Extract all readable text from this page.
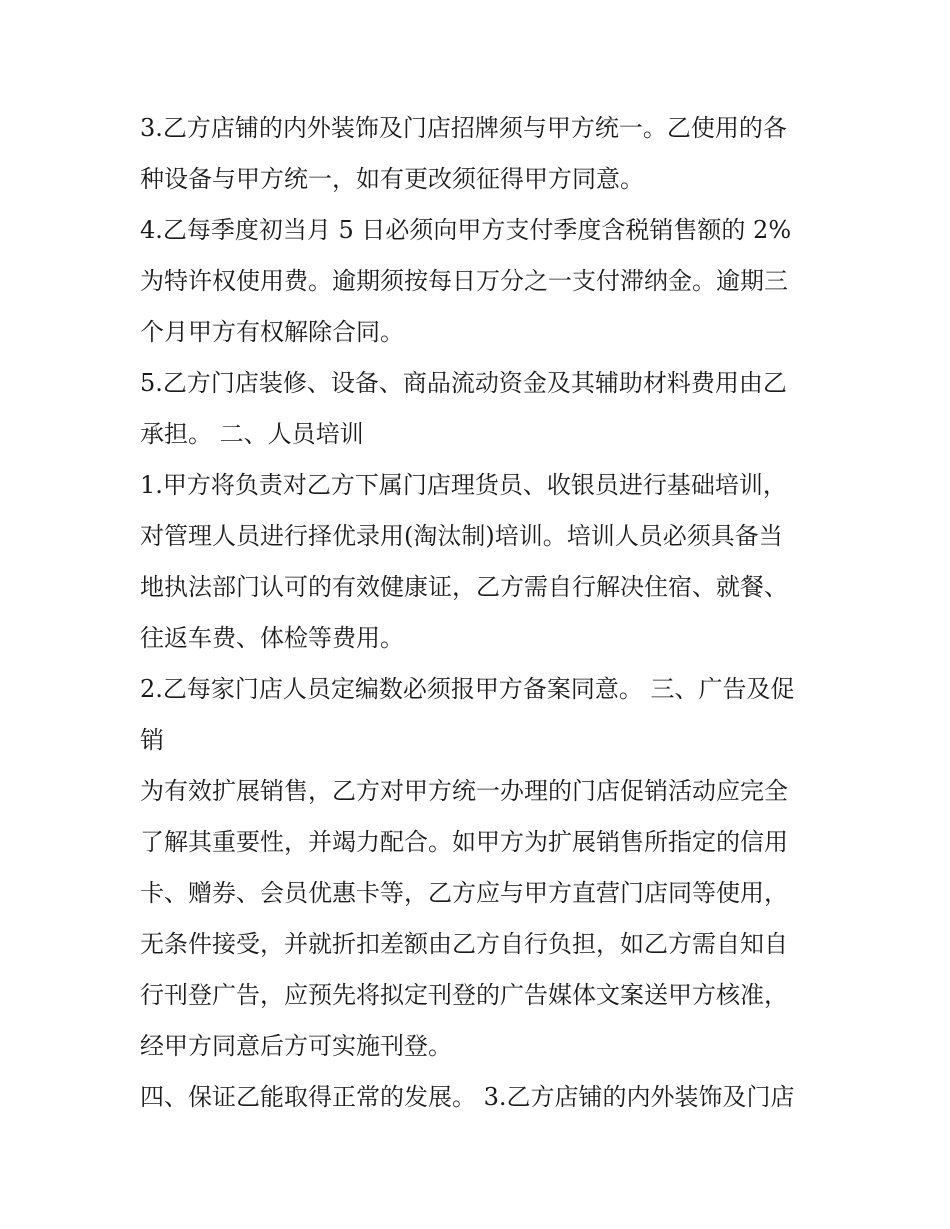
3.乙方店铺的内外装饰及门店招牌须与甲方统一。乙使用的各
种设备与甲方统一，如有更改须征得甲方同意。
4.乙每季度初当月 5 日必须向甲方支付季度含税销售额的 2%
为特许权使用费。逾期须按每日万分之一支付滞纳金。逾期三
个月甲方有权解除合同。
5.乙方门店装修、设备、商品流动资金及其辅助材料费用由乙
承担。 二、人员培训
1.甲方将负责对乙方下属门店理货员、收银员进行基础培训，
对管理人员进行择优录用(淘汰制)培训。培训人员必须具备当
地执法部门认可的有效健康证，乙方需自行解决住宿、就餐、
往返车费、体检等费用。
2.乙每家门店人员定编数必须报甲方备案同意。 三、广告及促
销
为有效扩展销售，乙方对甲方统一办理的门店促销活动应完全
了解其重要性，并竭力配合。如甲方为扩展销售所指定的信用
卡、赠券、会员优惠卡等，乙方应与甲方直营门店同等使用，
无条件接受，并就折扣差额由乙方自行负担，如乙方需自知自
行刊登广告，应预先将拟定刊登的广告媒体文案送甲方核准，
经甲方同意后方可实施刊登。
四、保证乙能取得正常的发展。 3.乙方店铺的内外装饰及门店
